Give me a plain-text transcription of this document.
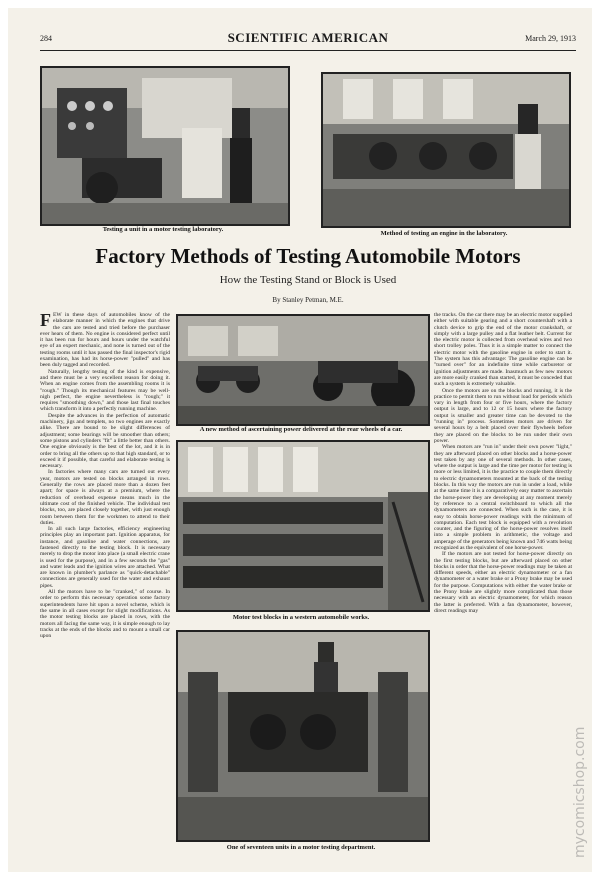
284	SCIENTIFIC AMERICAN	March 29, 1913
Testing a unit in a motor testing laboratory.
Method of testing an engine in the laboratory.
Factory Methods of Testing Automobile Motors
How the Testing Stand or Block is Used
By Stanley Petman, M.E.

FEW in these days of automobiles know of the elaborate manner in which the engines that drive the cars are tested and tried before the purchaser ever hears of them. No engine is considered perfect until it has been run for hours and hours under the watchful eye of an expert mechanic, and none is turned out of the testing rooms until it has passed the final inspector's rigid examination, has had its horse-power "pulled" and has been duly tagged and recorded.

Naturally, lengthy testing of the kind is expensive, and there must be a very excellent reason for doing it. When an engine comes from the assembling rooms it is "rough." Though its mechanical features may be well-nigh perfect, the engine nevertheless is "rough;" it requires "smoothing down," and those last final touches which transform it into a perfectly running machine.

Despite the advances in the perfection of automatic machinery, jigs and templets, no two engines are exactly alike. There are bound to be slight differences of adjustment; some bearings will be smoother than others; some pistons and cylinders "fit" a little better than others. One engine obviously is the best of the lot, and it is in order to bring all the others up to that high standard, or to exceed it if possible, that careful and elaborate testing is necessary.

In factories where many cars are turned out every year, motors are tested on blocks arranged in rows. Generally the rows are placed more than a dozen feet apart; for space is always at a premium, where the reduction of overhead expense means much in the ultimate cost of the finished vehicle. The individual test blocks, too, are placed closely together, with just enough room between them for the workmen to attend to their duties.

In all such large factories, efficiency engineering principles play an important part. Ignition apparatus, for instance, and gasoline and water connections, are fastened directly to the testing block. It is necessary merely to drop the motor into place (a small electric crane is used for the purpose), and in a few seconds the "gas" and water leads and the ignition wires are attached. What are known in plumber's parlance as "quick-detachable" connections are generally used for the water and exhaust pipes.

All the motors have to be "cranked," of course. In order to perform this necessary operation some factory superintendents have hit upon a novel scheme, which is the same in all cases except for slight modifications. As the motor testing blocks are placed in rows, with the motors all facing the same way, it is simple enough to lay tracks at the ends of the blocks and to mount a small car upon

A new method of ascertaining power delivered at the rear wheels of a car.
Motor test blocks in a western automobile works.
One of seventeen units in a motor testing department.

the tracks. On the car there may be an electric motor supplied either with suitable gearing and a short countershaft with a clutch device to grip the end of the motor crankshaft, or simply with a large pulley and a flat leather belt. Current for the electric motor is collected from overhead wires and two short trolley poles. Thus it is a simple matter to connect the electric motor with the gasoline engine in order to start it. The system has this advantage: The gasoline engine can be "turned over" for an indefinite time while carburetor or ignition adjustments are made. Inasmuch as few new motors are more easily cranked than started, it must be conceded that such a system is extremely valuable.

Once the motors are on the blocks and running, it is the practice to permit them to run without load for periods which vary in length from four or five hours, where the factory output is large, and to 12 or 15 hours where the factory output is smaller and greater time can be devoted to the "running in" process. Sometimes motors are driven for several hours by a belt placed over their flywheels before they are placed on the blocks to be run under their own power.

When motors are "run in" under their own power "light," they are afterward placed on other blocks and a horse-power test taken by any one of several methods. In other cases, where the output is large and the time per motor for testing is more or less limited, it is the practice to couple them directly to electric dynamometers mounted at the back of the testing blocks. In this way the motors are run in under a load, while at the same time it is a comparatively easy matter to ascertain the horse-power they are developing at any moment merely by reference to a central switchboard to which all the dynamometers are connected. When such is the case, it is easy to obtain horse-power readings with the minimum of computation. Each test block is equipped with a revolution counter, and the figuring of the horse-power resolves itself into a simple problem in arithmetic, the voltage and amperage of the generators being known and 746 watts being recognized as the equivalent of one horse-power.

If the motors are not tested for horse-power directly on the first testing blocks, but are afterward placed on other blocks in order that the horse-power readings may be taken at different speeds, either an electric dynamometer or a fan dynamometer or a water brake or a Prony brake may be used for the purpose. Computations with either the water brake or the Prony brake are slightly more complicated than those necessary with an electric dynamometer, for which reason the latter is preferred. With a fan dynamometer, however, direct readings may

mycomicshop.com
